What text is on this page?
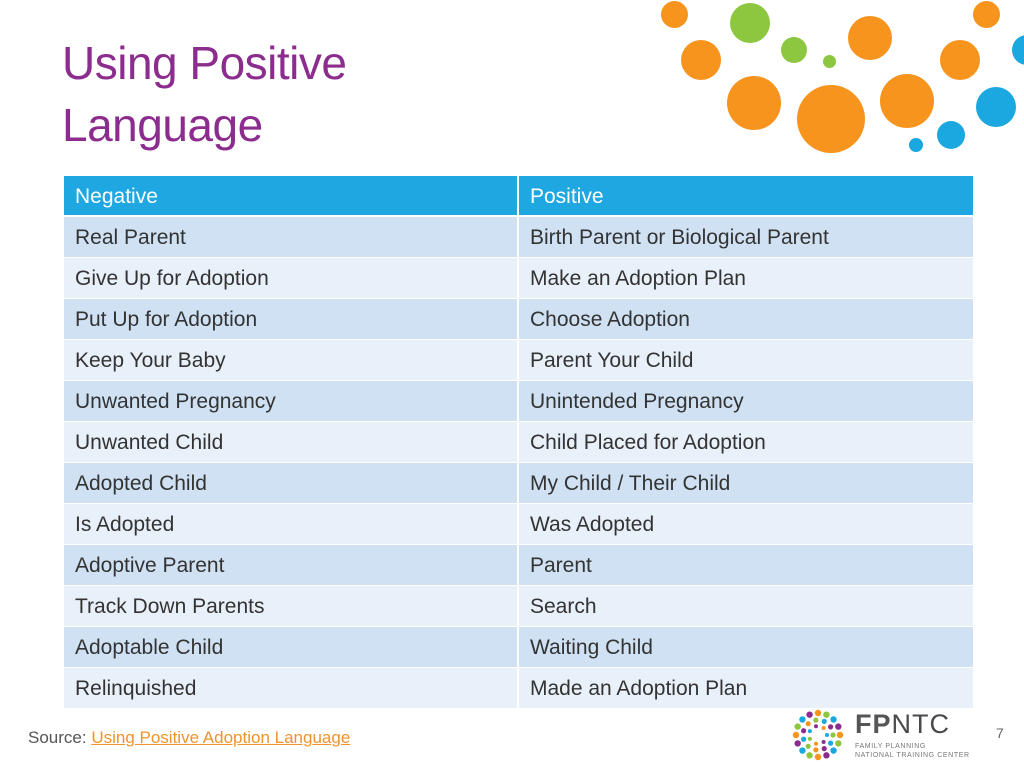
Using Positive
Language
Negative	Positive
Real Parent	Birth Parent or Biological Parent
Give Up for Adoption	Make an Adoption Plan
Put Up for Adoption	Choose Adoption
Keep Your Baby	Parent Your Child
Unwanted Pregnancy	Unintended Pregnancy
Unwanted Child	Child Placed for Adoption
Adopted Child	My Child / Their Child
Is Adopted	Was Adopted
Adoptive Parent	Parent
Track Down Parents	Search
Adoptable Child	Waiting Child
Relinquished	Made an Adoption Plan
Source: Using Positive Adoption Language	FPNTC
FAMILY PLANNING
NATIONAL TRAINING CENTER
7
